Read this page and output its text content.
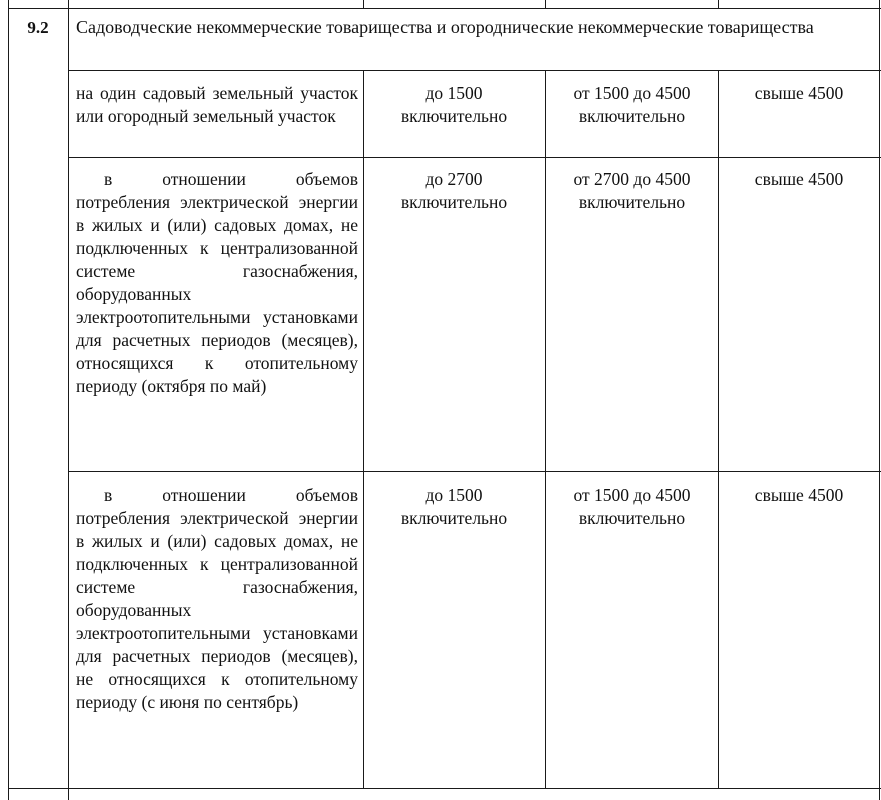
9.2	Садоводческие некоммерческие товарищества и огороднические некоммерческие товарищества
на один садовый земельный участок или огородный земельный участок
до 1500 включительно
от 1500 до 4500 включительно
свыше 4500
в отношении объемов потребления электрической энергии в жилых и (или) садовых домах, не подключенных к централизованной системе газоснабжения, оборудованных электроотопительными установками для расчетных периодов (месяцев), относящихся к отопительному периоду (октября по май)
до 2700 включительно
от 2700 до 4500 включительно
свыше 4500
в отношении объемов потребления электрической энергии в жилых и (или) садовых домах, не подключенных к централизованной системе газоснабжения, оборудованных электроотопительными установками для расчетных периодов (месяцев), не относящихся к отопительному периоду (с июня по сентябрь)
до 1500 включительно
от 1500 до 4500 включительно
свыше 4500
